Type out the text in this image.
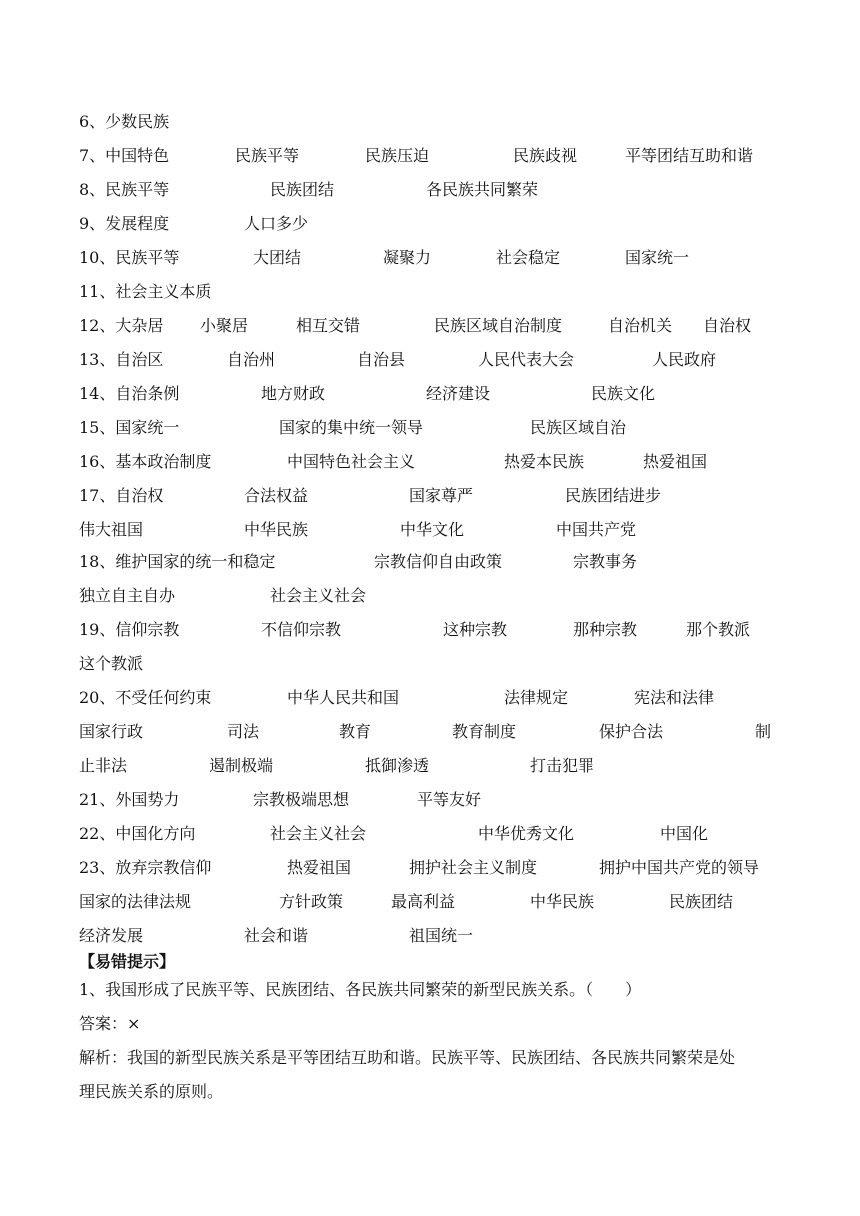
6、少数民族
7、中国特色	民族平等	民族压迫	民族歧视	平等团结互助和谐
8、民族平等	民族团结	各民族共同繁荣
9、发展程度	人口多少
10、民族平等	大团结	凝聚力	社会稳定	国家统一
11、社会主义本质
12、大杂居 小聚居	相互交错	民族区域自治制度	自治机关 自治权
13、自治区	自治州	自治县	人民代表大会	人民政府
14、自治条例	地方财政	经济建设	民族文化
15、国家统一	国家的集中统一领导	民族区域自治
16、基本政治制度	中国特色社会主义	热爱本民族	热爱祖国
17、自治权	合法权益	国家尊严	民族团结进步
伟大祖国	中华民族	中华文化	中国共产党
18、维护国家的统一和稳定	宗教信仰自由政策	宗教事务
独立自主自办	社会主义社会
19、信仰宗教	不信仰宗教	这种宗教	那种宗教	那个教派
这个教派
20、不受任何约束	中华人民共和国	法律规定	宪法和法律
国家行政	司法	教育	教育制度	保护合法	制
止非法	遏制极端	抵御渗透	打击犯罪
21、外国势力	宗教极端思想	平等友好
22、中国化方向	社会主义社会	中华优秀文化	中国化
23、放弃宗教信仰	热爱祖国	拥护社会主义制度	拥护中国共产党的领导
国家的法律法规	方针政策	最高利益	中华民族	民族团结
经济发展	社会和谐	祖国统一
【易错提示】
1、我国形成了民族平等、民族团结、各民族共同繁荣的新型民族关系。（　　）
答案：×
解析：我国的新型民族关系是平等团结互助和谐。民族平等、民族团结、各民族共同繁荣是处
理民族关系的原则。
